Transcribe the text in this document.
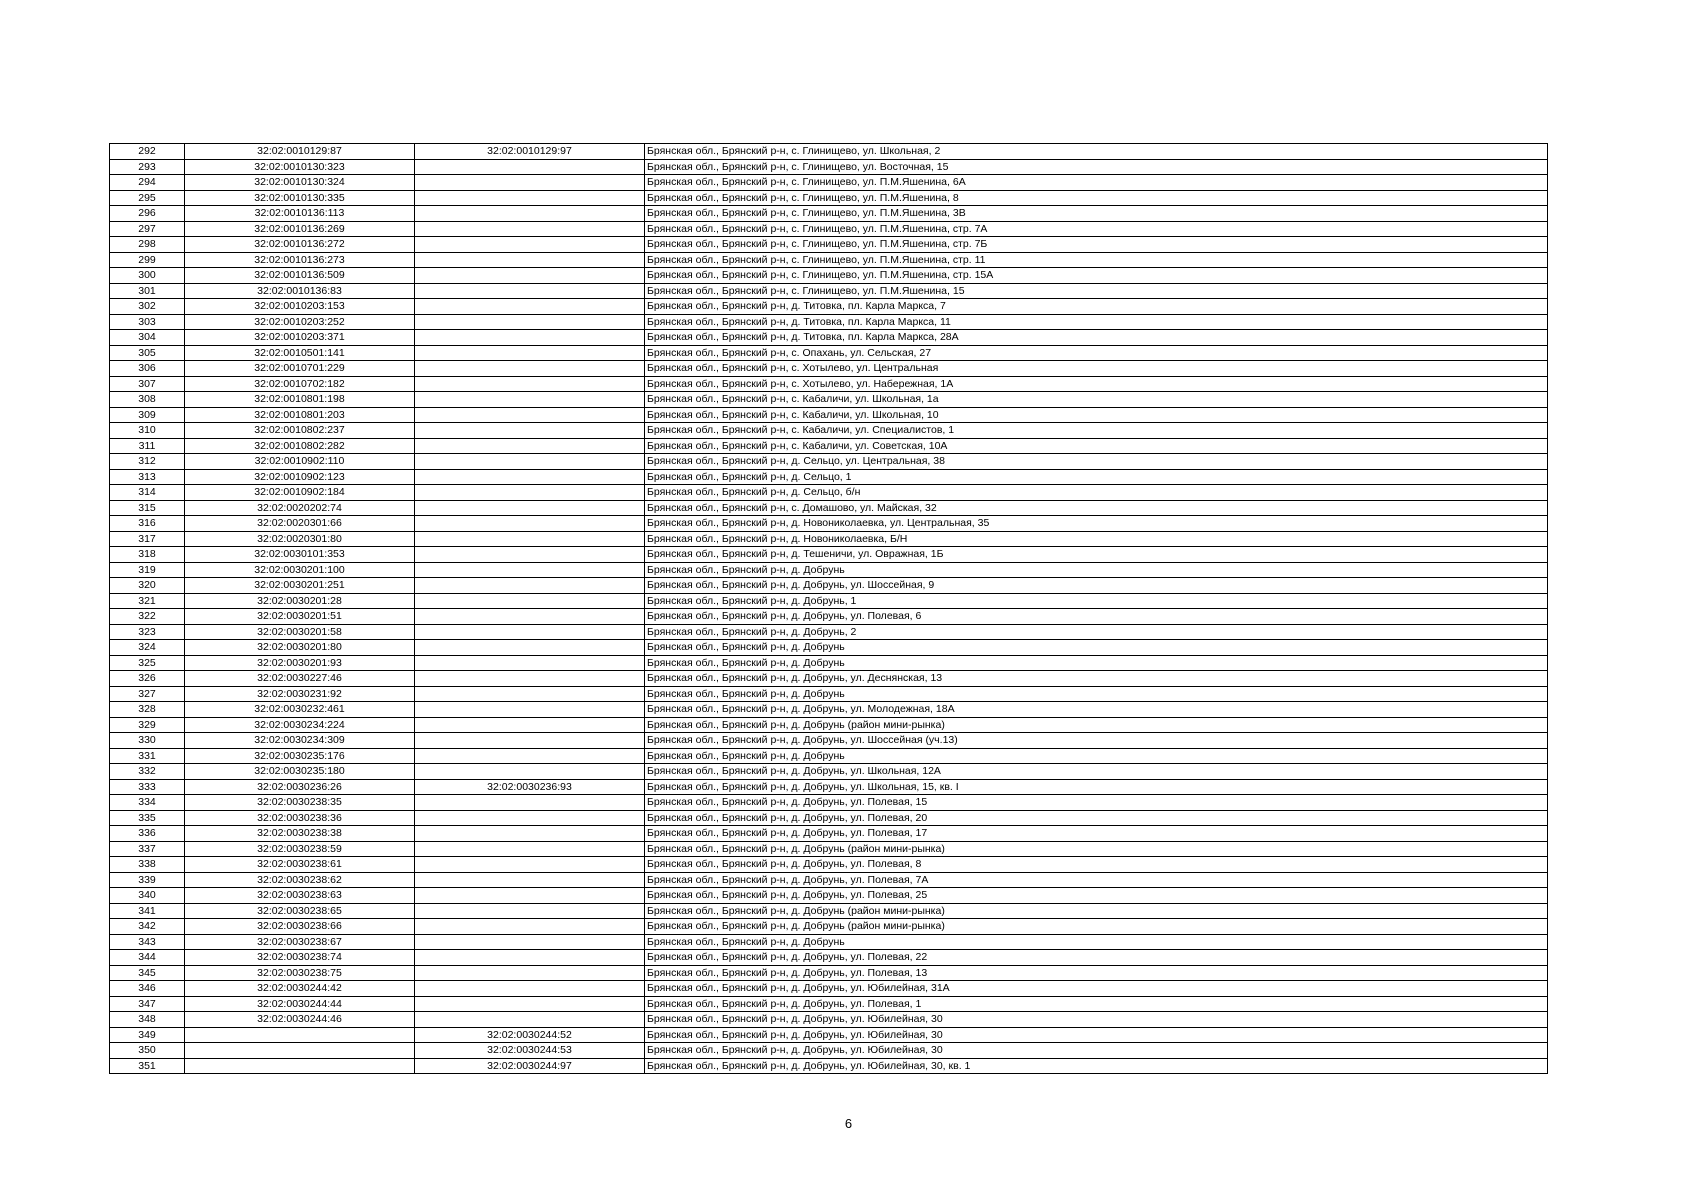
292	32:02:0010129:87	32:02:0010129:97	Брянская обл., Брянский р-н, с. Глинищево, ул. Школьная, 2
293	32:02:0010130:323		Брянская обл., Брянский р-н, с. Глинищево, ул. Восточная, 15
294	32:02:0010130:324		Брянская обл., Брянский р-н, с. Глинищево, ул. П.М.Яшенина, 6А
295	32:02:0010130:335		Брянская обл., Брянский р-н, с. Глинищево, ул. П.М.Яшенина, 8
296	32:02:0010136:113		Брянская обл., Брянский р-н, с. Глинищево, ул. П.М.Яшенина, 3В
297	32:02:0010136:269		Брянская обл., Брянский р-н, с. Глинищево, ул. П.М.Яшенина, стр. 7А
298	32:02:0010136:272		Брянская обл., Брянский р-н, с. Глинищево, ул. П.М.Яшенина, стр. 7Б
299	32:02:0010136:273		Брянская обл., Брянский р-н, с. Глинищево, ул. П.М.Яшенина, стр. 11
300	32:02:0010136:509		Брянская обл., Брянский р-н, с. Глинищево, ул. П.М.Яшенина, стр. 15А
301	32:02:0010136:83		Брянская обл., Брянский р-н, с. Глинищево, ул. П.М.Яшенина, 15
302	32:02:0010203:153		Брянская обл., Брянский р-н, д. Титовка, пл. Карла Маркса, 7
303	32:02:0010203:252		Брянская обл., Брянский р-н, д. Титовка, пл. Карла Маркса, 11
304	32:02:0010203:371		Брянская обл., Брянский р-н, д. Титовка, пл. Карла Маркса, 28А
305	32:02:0010501:141		Брянская обл., Брянский р-н, с. Опахань, ул. Сельская, 27
306	32:02:0010701:229		Брянская обл., Брянский р-н, с. Хотылево, ул. Центральная
307	32:02:0010702:182		Брянская обл., Брянский р-н, с. Хотылево, ул. Набережная, 1А
308	32:02:0010801:198		Брянская обл., Брянский р-н, с. Кабаличи, ул. Школьная, 1а
309	32:02:0010801:203		Брянская обл., Брянский р-н, с. Кабаличи, ул. Школьная, 10
310	32:02:0010802:237		Брянская обл., Брянский р-н, с. Кабаличи, ул. Специалистов, 1
311	32:02:0010802:282		Брянская обл., Брянский р-н, с. Кабаличи, ул. Советская, 10А
312	32:02:0010902:110		Брянская обл., Брянский р-н, д. Сельцо, ул. Центральная, 38
313	32:02:0010902:123		Брянская обл., Брянский р-н, д. Сельцо, 1
314	32:02:0010902:184		Брянская обл., Брянский р-н, д. Сельцо, б/н
315	32:02:0020202:74		Брянская обл., Брянский р-н, с. Домашово, ул. Майская, 32
316	32:02:0020301:66		Брянская обл., Брянский р-н, д. Новониколаевка, ул. Центральная, 35
317	32:02:0020301:80		Брянская обл., Брянский р-н, д. Новониколаевка, Б/Н
318	32:02:0030101:353		Брянская обл., Брянский р-н, д. Тешеничи, ул. Овражная, 1Б
319	32:02:0030201:100		Брянская обл., Брянский р-н, д. Добрунь
320	32:02:0030201:251		Брянская обл., Брянский р-н, д. Добрунь, ул. Шоссейная, 9
321	32:02:0030201:28		Брянская обл., Брянский р-н, д. Добрунь, 1
322	32:02:0030201:51		Брянская обл., Брянский р-н, д. Добрунь, ул. Полевая, 6
323	32:02:0030201:58		Брянская обл., Брянский р-н, д. Добрунь, 2
324	32:02:0030201:80		Брянская обл., Брянский р-н, д. Добрунь
325	32:02:0030201:93		Брянская обл., Брянский р-н, д. Добрунь
326	32:02:0030227:46		Брянская обл., Брянский р-н, д. Добрунь, ул. Деснянская, 13
327	32:02:0030231:92		Брянская обл., Брянский р-н, д. Добрунь
328	32:02:0030232:461		Брянская обл., Брянский р-н, д. Добрунь, ул. Молодежная, 18А
329	32:02:0030234:224		Брянская обл., Брянский р-н, д. Добрунь (район мини-рынка)
330	32:02:0030234:309		Брянская обл., Брянский р-н, д. Добрунь, ул. Шоссейная (уч.13)
331	32:02:0030235:176		Брянская обл., Брянский р-н, д. Добрунь
332	32:02:0030235:180		Брянская обл., Брянский р-н, д. Добрунь, ул. Школьная, 12А
333	32:02:0030236:26	32:02:0030236:93	Брянская обл., Брянский р-н, д. Добрунь, ул. Школьная, 15, кв. I
334	32:02:0030238:35		Брянская обл., Брянский р-н, д. Добрунь, ул. Полевая, 15
335	32:02:0030238:36		Брянская обл., Брянский р-н, д. Добрунь, ул. Полевая, 20
336	32:02:0030238:38		Брянская обл., Брянский р-н, д. Добрунь, ул. Полевая, 17
337	32:02:0030238:59		Брянская обл., Брянский р-н, д. Добрунь (район мини-рынка)
338	32:02:0030238:61		Брянская обл., Брянский р-н, д. Добрунь, ул. Полевая, 8
339	32:02:0030238:62		Брянская обл., Брянский р-н, д. Добрунь, ул. Полевая, 7А
340	32:02:0030238:63		Брянская обл., Брянский р-н, д. Добрунь, ул. Полевая, 25
341	32:02:0030238:65		Брянская обл., Брянский р-н, д. Добрунь (район мини-рынка)
342	32:02:0030238:66		Брянская обл., Брянский р-н, д. Добрунь (район мини-рынка)
343	32:02:0030238:67		Брянская обл., Брянский р-н, д. Добрунь
344	32:02:0030238:74		Брянская обл., Брянский р-н, д. Добрунь, ул. Полевая, 22
345	32:02:0030238:75		Брянская обл., Брянский р-н, д. Добрунь, ул. Полевая, 13
346	32:02:0030244:42		Брянская обл., Брянский р-н, д. Добрунь, ул. Юбилейная, 31А
347	32:02:0030244:44		Брянская обл., Брянский р-н, д. Добрунь, ул. Полевая, 1
348	32:02:0030244:46		Брянская обл., Брянский р-н, д. Добрунь, ул. Юбилейная, 30
349		32:02:0030244:52	Брянская обл., Брянский р-н, д. Добрунь, ул. Юбилейная, 30
350		32:02:0030244:53	Брянская обл., Брянский р-н, д. Добрунь, ул. Юбилейная, 30
351		32:02:0030244:97	Брянская обл., Брянский р-н, д. Добрунь, ул. Юбилейная, 30, кв. 1
6
